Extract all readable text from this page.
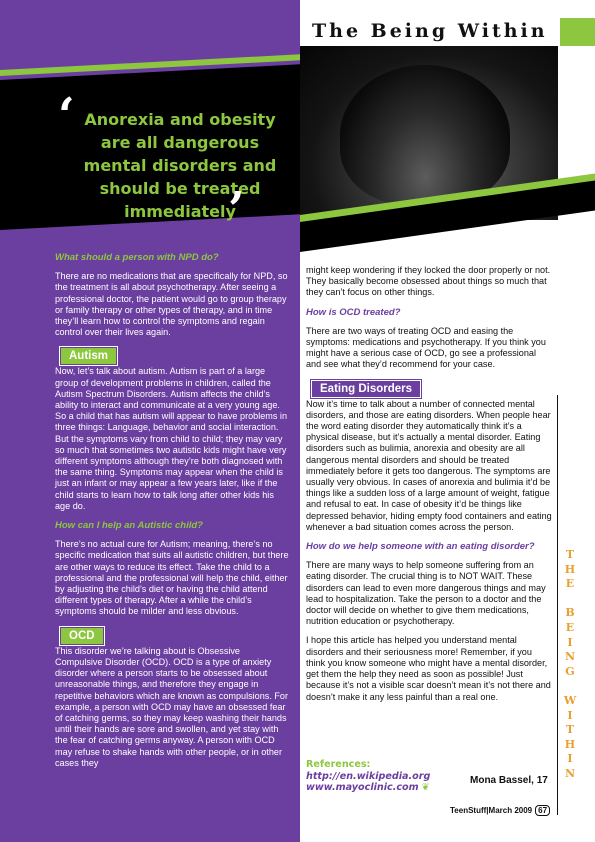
The Being Within
‘ Anorexia and obesity are all dangerous mental disorders and should be treated immediately
’

What should a person with NPD do?

There are no medications that are specifically for NPD, so the treatment is all about psychotherapy. After seeing a professional doctor, the patient would go to group therapy or family therapy or other types of therapy, and in time they’ll learn how to control the symptoms and regain control over their lives again.

Autism

Now, let’s talk about autism. Autism is part of a large group of development problems in children, called the Autism Spectrum Disorders. Autism affects the child’s ability to interact and communicate at a very young age. So a child that has autism will appear to have problems in three things: Language, behavior and social interaction. But the symptoms vary from child to child; they may vary so much that sometimes two autistic kids might have very different symptoms although they’re both diagnosed with the same thing. Symptoms may appear when the child is just an infant or may appear a few years later, like if the child starts to learn how to talk long after other kids his age do.

How can I help an Autistic child?

There’s no actual cure for Autism; meaning, there’s no specific medication that suits all autistic children, but there are other ways to reduce its effect. Take the child to a professional and the professional will help the child, either by adjusting the child’s diet or having the child attend different types of therapy. After a while the child’s symptoms should be milder and less obvious.

OCD

This disorder we’re talking about is Obsessive Compulsive Disorder (OCD). OCD is a type of anxiety disorder where a person starts to be obsessed about unreasonable things, and therefore they engage in repetitive behaviors which are known as compulsions. For example, a person with OCD may have an obsessed fear of catching germs, so they may keep washing their hands until their hands are sore and swollen, and yet stay with the fear of catching germs anyway. A person with OCD may refuse to shake hands with other people, or in other cases they

might keep wondering if they locked the door properly or not. They basically become obsessed about things so much that they can’t focus on other things.

How is OCD treated?

There are two ways of treating OCD and easing the symptoms: medications and psychotherapy. If you think you might have a serious case of OCD, go see a professional and see what they’d recommend for your case.

Eating Disorders

Now it’s time to talk about a number of connected mental disorders, and those are eating disorders. When people hear the word eating disorder they automatically think it’s a physical disease, but it’s actually a mental disorder. Eating disorders such as bulimia, anorexia and obesity are all dangerous mental disorders and should be treated immediately before it gets too dangerous. The symptoms are usually very obvious. In cases of anorexia and bulimia it’d be things like a sudden loss of a large amount of weight, fatigue and refusal to eat. In case of obesity it’d be things like depressed behavior, hiding empty food containers and eating whenever a bad situation comes across the person.

How do we help someone with an eating disorder?

There are many ways to help someone suffering from an eating disorder. The crucial thing is to NOT WAIT. These disorders can lead to even more dangerous things and may lead to hospitalization. Take the person to a doctor and the doctor will decide on whether to give them medications, nutrition education or psychotherapy.

I hope this article has helped you understand mental disorders and their seriousness more! Remember, if you think you know someone who might have a mental disorder, get them the help they need as soon as possible! Just because it’s not a visible scar doesn’t mean it’s not there and doesn’t make it any less painful than a real one.

References:
http://en.wikipedia.org
www.mayoclinic.com ❦
Mona Bassel, 17
TeenStuff|March 2009 67
T
H
E

B
E
I
N
G

W
I
T
H
I
N
